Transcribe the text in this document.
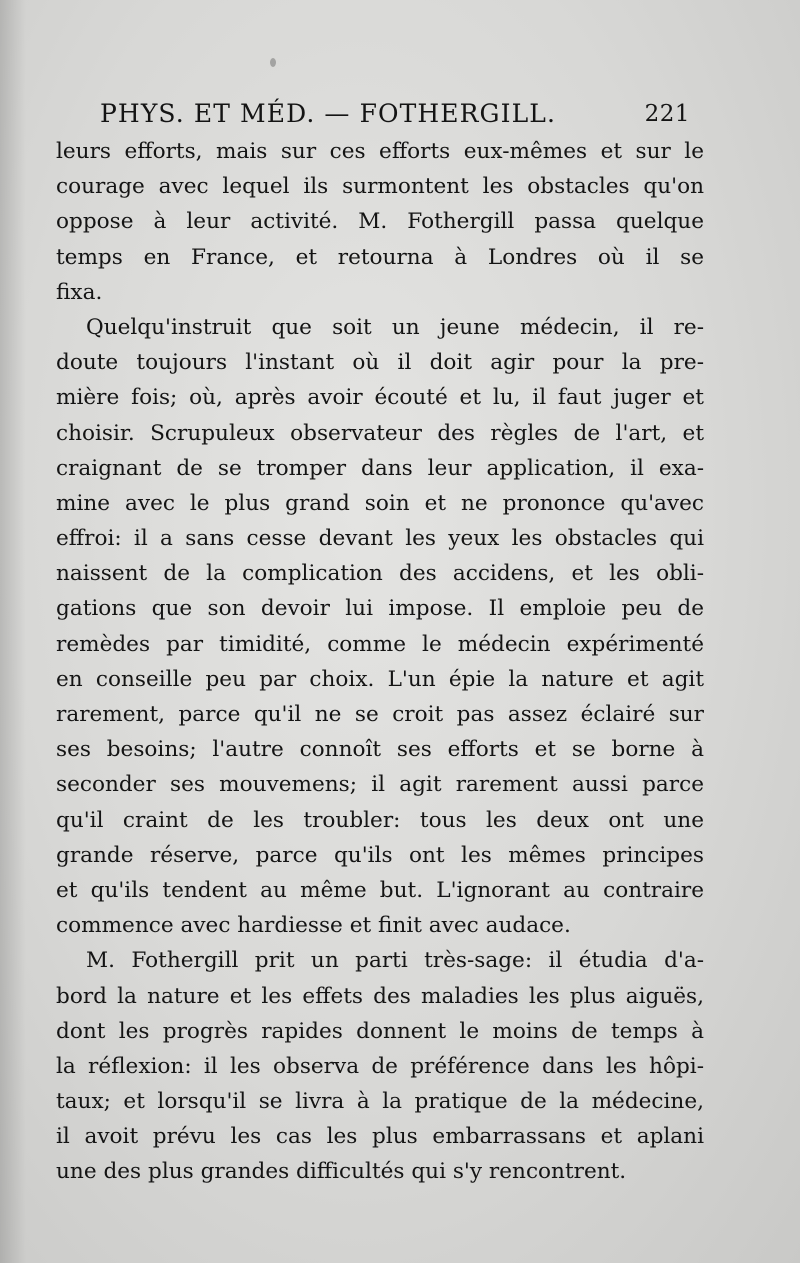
PHYS. ET MÉD. — FOTHERGILL.	221
leurs efforts, mais sur ces efforts eux-mêmes et sur le
courage avec lequel ils surmontent les obstacles qu'on
oppose à leur activité. M. Fothergill passa quelque
temps en France, et retourna à Londres où il se
fixa.
Quelqu'instruit que soit un jeune médecin, il re-
doute toujours l'instant où il doit agir pour la pre-
mière fois; où, après avoir écouté et lu, il faut juger et
choisir. Scrupuleux observateur des règles de l'art, et
craignant de se tromper dans leur application, il exa-
mine avec le plus grand soin et ne prononce qu'avec
effroi: il a sans cesse devant les yeux les obstacles qui
naissent de la complication des accidens, et les obli-
gations que son devoir lui impose. Il emploie peu de
remèdes par timidité, comme le médecin expérimenté
en conseille peu par choix. L'un épie la nature et agit
rarement, parce qu'il ne se croit pas assez éclairé sur
ses besoins; l'autre connoît ses efforts et se borne à
seconder ses mouvemens; il agit rarement aussi parce
qu'il craint de les troubler: tous les deux ont une
grande réserve, parce qu'ils ont les mêmes principes
et qu'ils tendent au même but. L'ignorant au contraire
commence avec hardiesse et finit avec audace.
M. Fothergill prit un parti très-sage: il étudia d'a-
bord la nature et les effets des maladies les plus aiguës,
dont les progrès rapides donnent le moins de temps à
la réflexion: il les observa de préférence dans les hôpi-
taux; et lorsqu'il se livra à la pratique de la médecine,
il avoit prévu les cas les plus embarrassans et aplani
une des plus grandes difficultés qui s'y rencontrent.
